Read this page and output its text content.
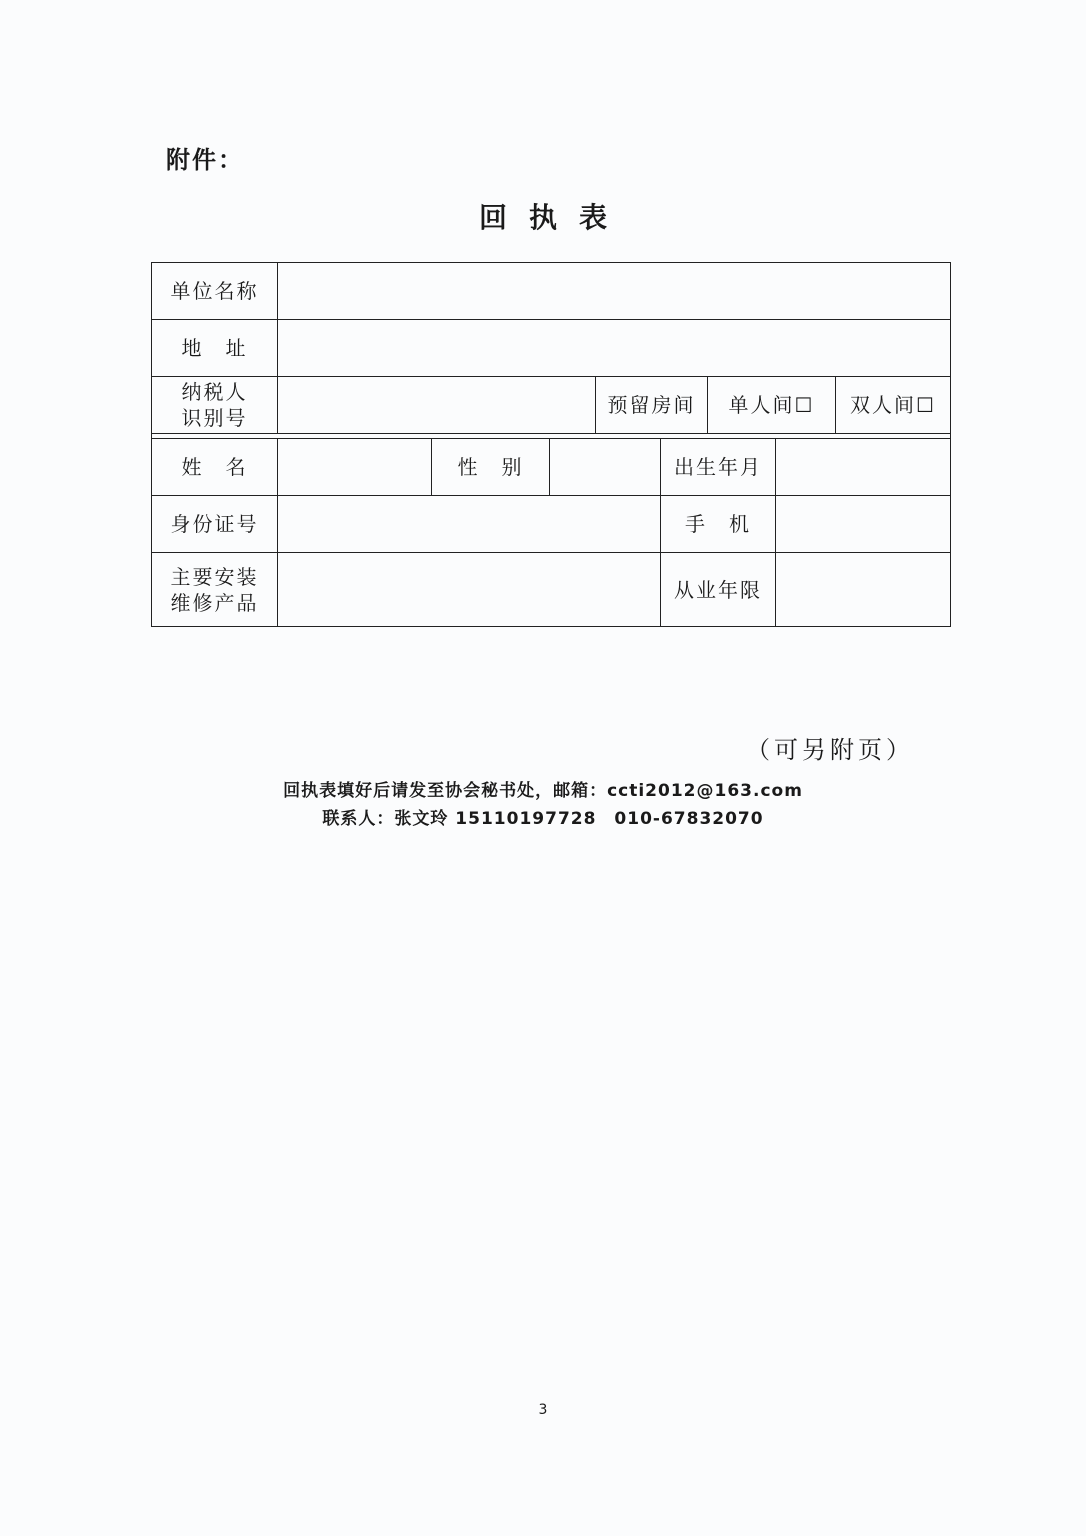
附件：
回执表
单位名称								
地　址								

纳税人
识别号				预留房间		单人间☐		双人间☐

姓　名		性　别			出生年月			
身份证号					手　机			

主要安装
维修产品					从业年限			
（可另附页）
回执表填好后请发至协会秘书处，邮箱：ccti2012@163.com
联系人：张文玲 15110197728　010-67832070
3
